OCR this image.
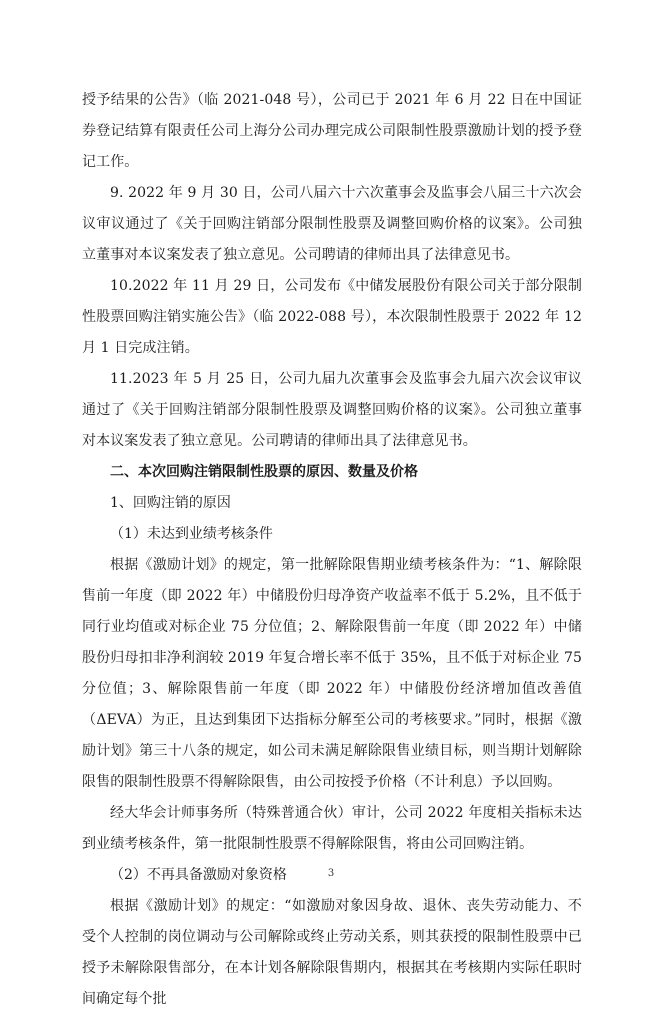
授予结果的公告》（临 2021-048 号），公司已于 2021 年 6 月 22 日在中国证券登记结算有限责任公司上海分公司办理完成公司限制性股票激励计划的授予登记工作。

9. 2022 年 9 月 30 日，公司八届六十六次董事会及监事会八届三十六次会议审议通过了《关于回购注销部分限制性股票及调整回购价格的议案》。公司独立董事对本议案发表了独立意见。公司聘请的律师出具了法律意见书。

10.2022 年 11 月 29 日，公司发布《中储发展股份有限公司关于部分限制性股票回购注销实施公告》（临 2022-088 号），本次限制性股票于 2022 年 12 月 1 日完成注销。

11.2023 年 5 月 25 日，公司九届九次董事会及监事会九届六次会议审议通过了《关于回购注销部分限制性股票及调整回购价格的议案》。公司独立董事对本议案发表了独立意见。公司聘请的律师出具了法律意见书。

二、本次回购注销限制性股票的原因、数量及价格

1、回购注销的原因

（1）未达到业绩考核条件

根据《激励计划》的规定，第一批解除限售期业绩考核条件为：“1、解除限售前一年度（即 2022 年）中储股份归母净资产收益率不低于 5.2%，且不低于同行业均值或对标企业 75 分位值；2、解除限售前一年度（即 2022 年）中储股份归母扣非净利润较 2019 年复合增长率不低于 35%，且不低于对标企业 75 分位值；3、解除限售前一年度（即 2022 年）中储股份经济增加值改善值（ΔEVA）为正，且达到集团下达指标分解至公司的考核要求。”同时，根据《激励计划》第三十八条的规定，如公司未满足解除限售业绩目标，则当期计划解除限售的限制性股票不得解除限售，由公司按授予价格（不计利息）予以回购。

经大华会计师事务所（特殊普通合伙）审计，公司 2022 年度相关指标未达到业绩考核条件，第一批限制性股票不得解除限售，将由公司回购注销。

（2）不再具备激励对象资格

根据《激励计划》的规定：“如激励对象因身故、退休、丧失劳动能力、不受个人控制的岗位调动与公司解除或终止劳动关系，则其获授的限制性股票中已授予未解除限售部分，在本计划各解除限售期内，根据其在考核期内实际任职时间确定每个批

3
